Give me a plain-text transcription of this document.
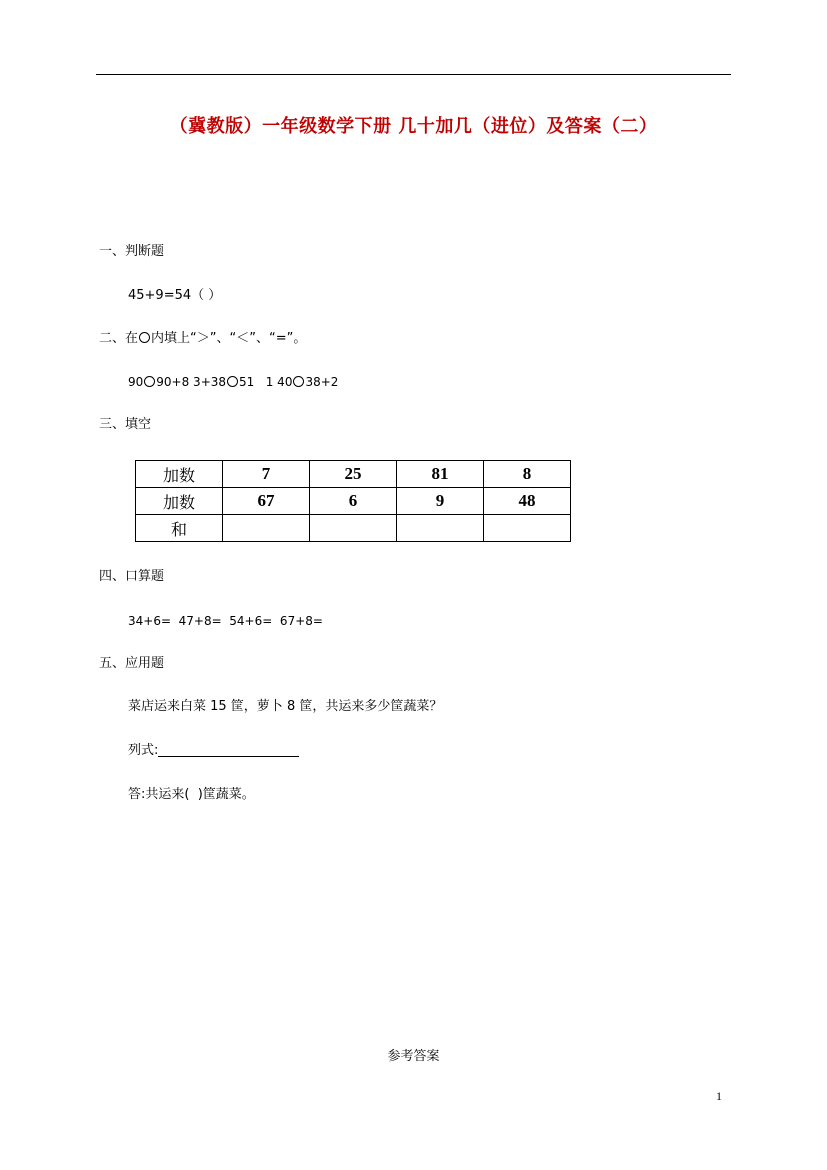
（冀教版）一年级数学下册 几十加几（进位）及答案（二）
一、判断题
45+9=54（ ）
二、在 内填上“＞”、“＜”、“=”。
90 90+8 3+38 51   1 40 38+2
三、填空
加数	7	25	81	8
加数	67	6	9	48
和				
四、口算题
34+6=  47+8=  54+6=  67+8=
五、应用题
菜店运来白菜 15 筐，萝卜 8 筐，共运来多少筐蔬菜？
列式:
答:共运来(  )筐蔬菜。
参考答案
1
